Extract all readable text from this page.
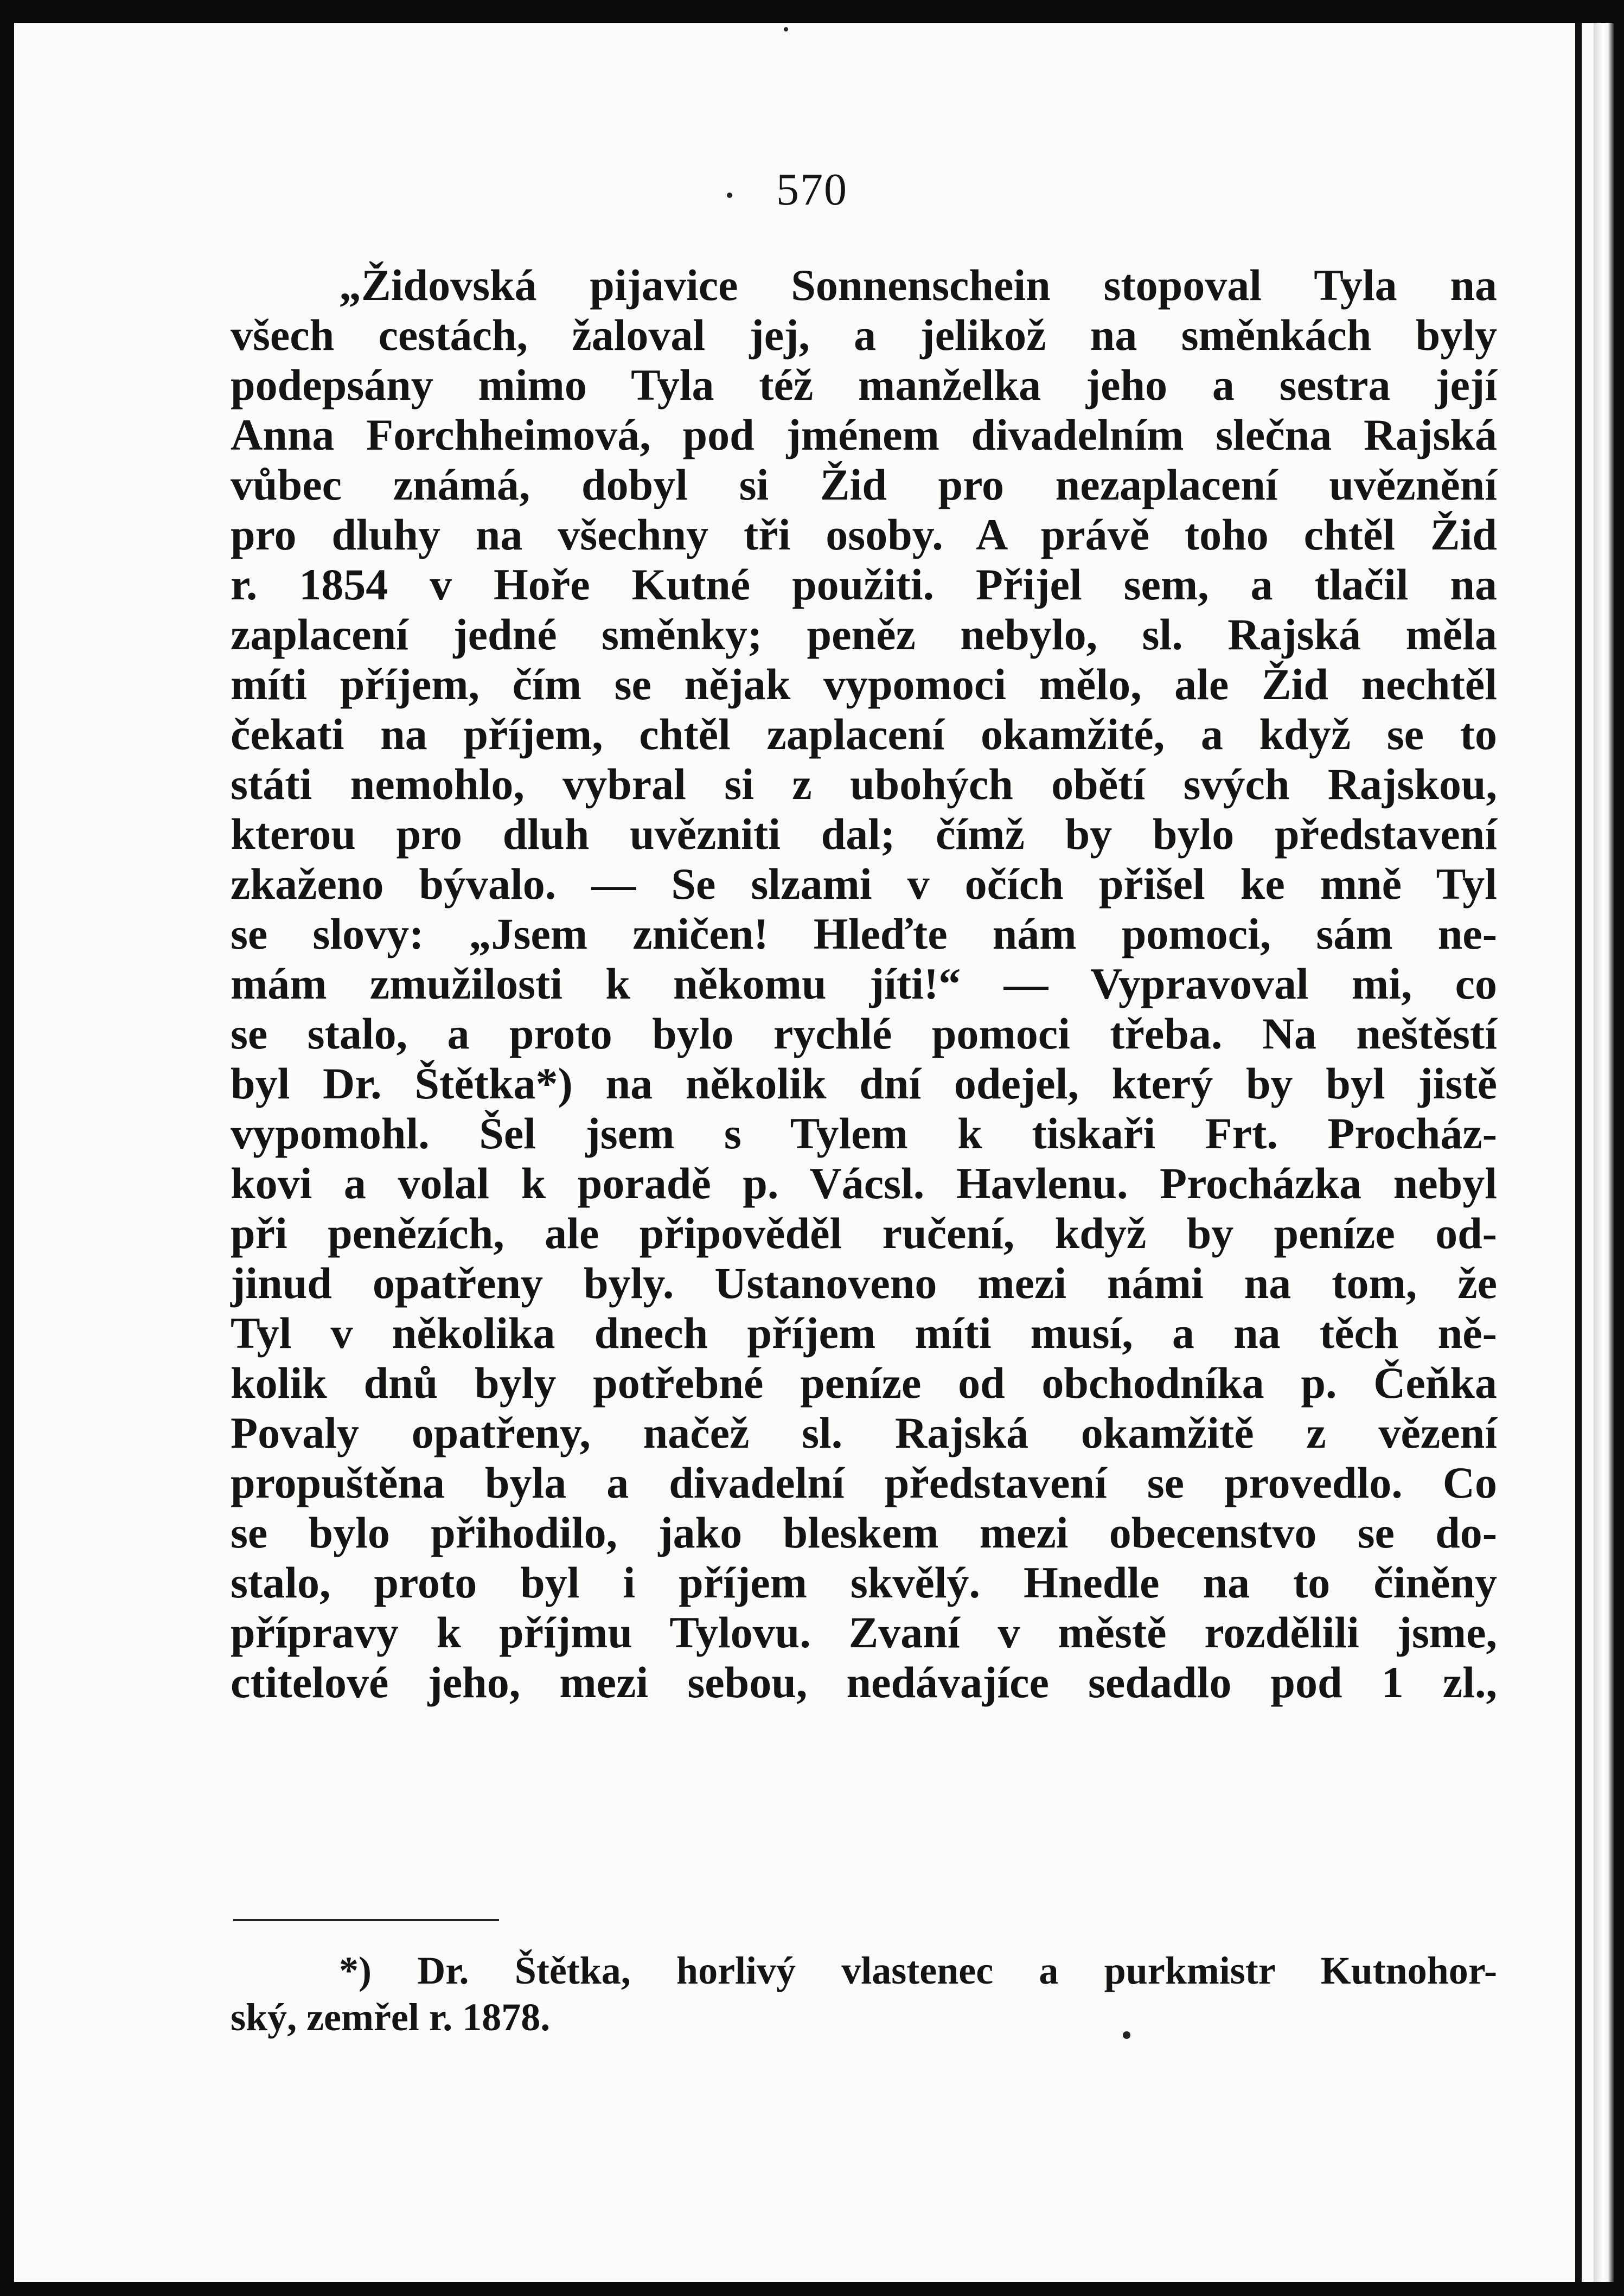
570
„Židovská pijavice Sonnenschein stopoval Tyla na
všech cestách, žaloval jej, a jelikož na směnkách byly
podepsány mimo Tyla též manželka jeho a sestra její
Anna Forchheimová, pod jménem divadelním slečna Rajská
vůbec známá, dobyl si Žid pro nezaplacení uvěznění
pro dluhy na všechny tři osoby. A právě toho chtěl Žid
r. 1854 v Hoře Kutné použiti. Přijel sem, a tlačil na
zaplacení jedné směnky; peněz nebylo, sl. Rajská měla
míti příjem, čím se nějak vypomoci mělo, ale Žid nechtěl
čekati na příjem, chtěl zaplacení okamžité, a když se to
státi nemohlo, vybral si z ubohých obětí svých Rajskou,
kterou pro dluh uvězniti dal; čímž by bylo představení
zkaženo bývalo. — Se slzami v očích přišel ke mně Tyl
se slovy: „Jsem zničen! Hleďte nám pomoci, sám ne-
mám zmužilosti k někomu jíti!“ — Vypravoval mi, co
se stalo, a proto bylo rychlé pomoci třeba. Na neštěstí
byl Dr. Štětka*) na několik dní odejel, který by byl jistě
vypomohl. Šel jsem s Tylem k tiskaři Frt. Procház-
kovi a volal k poradě p. Vácsl. Havlenu. Procházka nebyl
při penězích, ale připověděl ručení, když by peníze od-
jinud opatřeny byly. Ustanoveno mezi námi na tom, že
Tyl v několika dnech příjem míti musí, a na těch ně-
kolik dnů byly potřebné peníze od obchodníka p. Čeňka
Povaly opatřeny, načež sl. Rajská okamžitě z vězení
propuštěna byla a divadelní představení se provedlo. Co
se bylo přihodilo, jako bleskem mezi obecenstvo se do-
stalo, proto byl i příjem skvělý. Hnedle na to činěny
přípravy k příjmu Tylovu. Zvaní v městě rozdělili jsme,
ctitelové jeho, mezi sebou, nedávajíce sedadlo pod 1 zl.,
*) Dr. Štětka, horlivý vlastenec a purkmistr Kutnohor-
ský, zemřel r. 1878.
